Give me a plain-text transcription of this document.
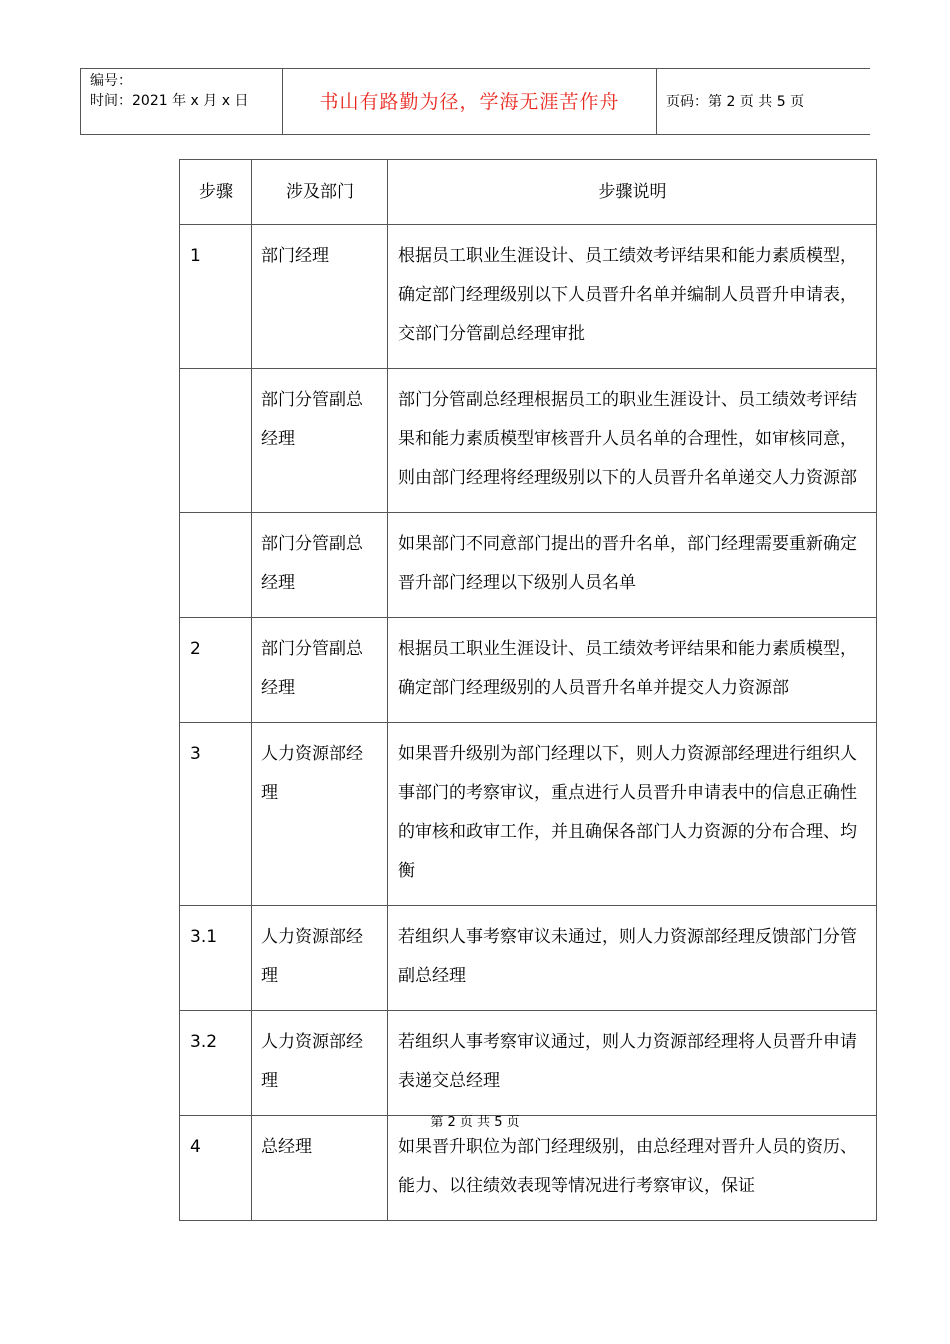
编号：
时间：2021 年 x 月 x 日	书山有路勤为径，学海无涯苦作舟	页码：第 2 页 共 5 页
步骤	涉及部门	步骤说明
1	部门经理	根据员工职业生涯设计、员工绩效考评结果和能力素质模型，确定部门经理级别以下人员晋升名单并编制人员晋升申请表，交部门分管副总经理审批
	部门分管副总经理	部门分管副总经理根据员工的职业生涯设计、员工绩效考评结果和能力素质模型审核晋升人员名单的合理性，如审核同意，则由部门经理将经理级别以下的人员晋升名单递交人力资源部
	部门分管副总经理	如果部门不同意部门提出的晋升名单，部门经理需要重新确定晋升部门经理以下级别人员名单
2	部门分管副总经理	根据员工职业生涯设计、员工绩效考评结果和能力素质模型，确定部门经理级别的人员晋升名单并提交人力资源部
3	人力资源部经理	如果晋升级别为部门经理以下，则人力资源部经理进行组织人事部门的考察审议，重点进行人员晋升申请表中的信息正确性的审核和政审工作，并且确保各部门人力资源的分布合理、均衡
3.1	人力资源部经理	若组织人事考察审议未通过，则人力资源部经理反馈部门分管副总经理
3.2	人力资源部经理	若组织人事考察审议通过，则人力资源部经理将人员晋升申请表递交总经理
4	总经理	如果晋升职位为部门经理级别，由总经理对晋升人员的资历、能力、以往绩效表现等情况进行考察审议，保证
第 2 页 共 5 页
